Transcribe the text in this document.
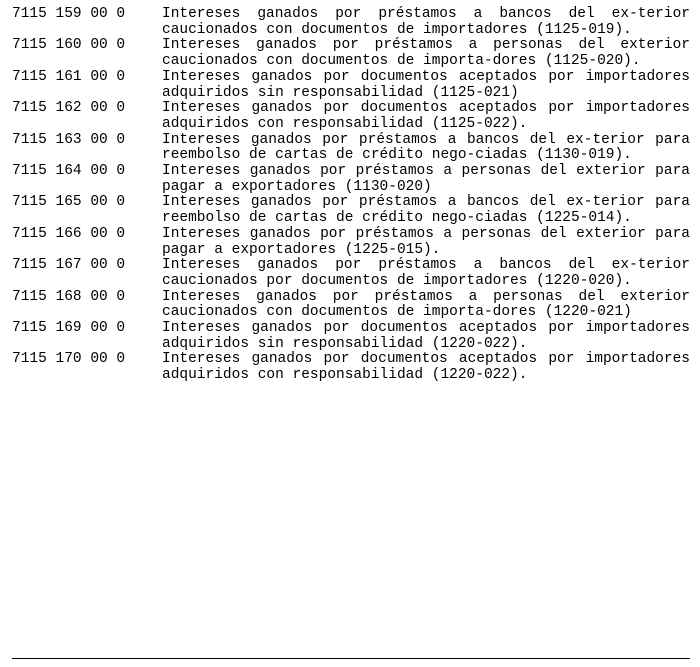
7115 159 00 0	Intereses ganados por préstamos a bancos del ex-terior caucionados con documentos de importadores (1125-019).
7115 160 00 0	Intereses ganados por préstamos a personas del exterior caucionados con documentos de importa-dores (1125-020).
7115 161 00 0	Intereses ganados por documentos aceptados por importadores adquiridos sin responsabilidad (1125-021)
7115 162 00 0	Intereses ganados por documentos aceptados por importadores adquiridos con responsabilidad (1125-022).
7115 163 00 0	Intereses ganados por préstamos a bancos del ex-terior para reembolso de cartas de crédito nego-ciadas (1130-019).
7115 164 00 0	Intereses ganados por préstamos a personas del exterior para pagar a exportadores (1130-020)
7115 165 00 0	Intereses ganados por préstamos a bancos del ex-terior para reembolso de cartas de crédito nego-ciadas (1225-014).
7115 166 00 0	Intereses ganados por préstamos a personas del exterior para pagar a exportadores (1225-015).
7115 167 00 0	Intereses ganados por préstamos a bancos del ex-terior caucionados por documentos de importadores (1220-020).
7115 168 00 0	Intereses ganados por préstamos a personas del exterior caucionados con documentos de importa-dores (1220-021)
7115 169 00 0	Intereses ganados por documentos aceptados por importadores adquiridos sin responsabilidad (1220-022).
7115 170 00 0	Intereses ganados por documentos aceptados por importadores adquiridos con responsabilidad (1220-022).
